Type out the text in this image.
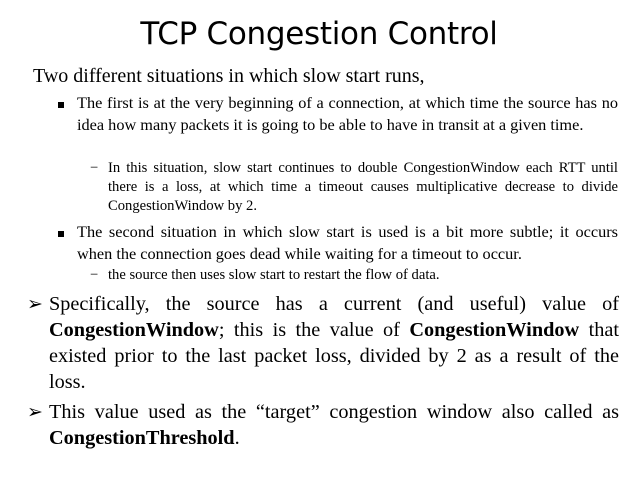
TCP Congestion Control
Two different situations in which slow start runs,
The first is at the very beginning of a connection, at which time the source has no idea how many packets it is going to be able to have in transit at a given time.
− In this situation, slow start continues to double CongestionWindow each RTT until there is a loss, at which time a timeout causes multiplicative decrease to divide CongestionWindow by 2.
The second situation in which slow start is used is a bit more subtle; it occurs when the connection goes dead while waiting for a timeout to occur.
− the source then uses slow start to restart the flow of data.
➢ Specifically, the source has a current (and useful) value of CongestionWindow; this is the value of CongestionWindow that existed prior to the last packet loss, divided by 2 as a result of the loss.
➢ This value used as the “target” congestion window also called as CongestionThreshold.
